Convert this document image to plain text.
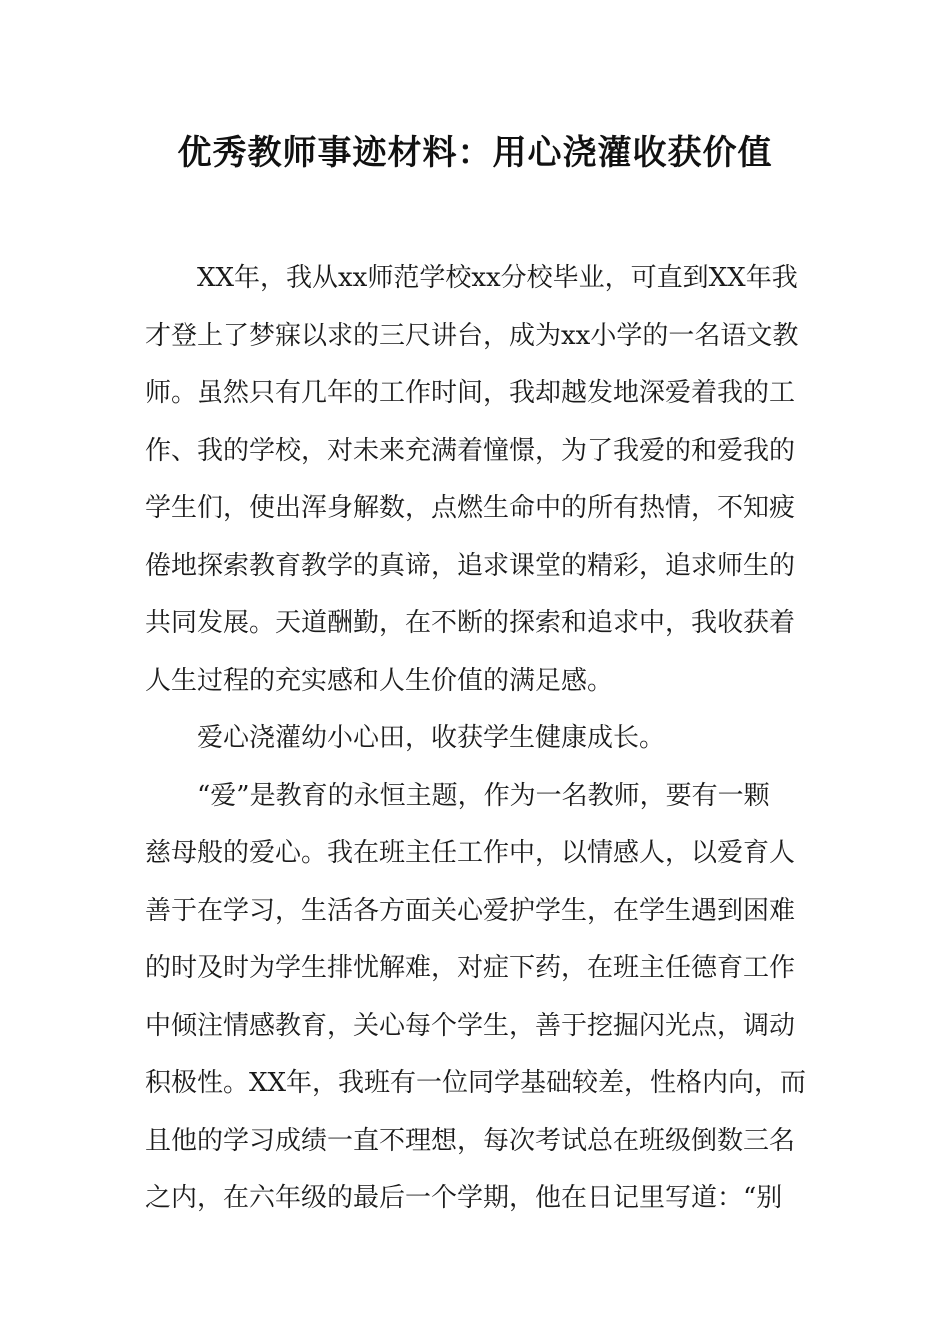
优秀教师事迹材料：用心浇灌收获价值
XX年，我从xx师范学校xx分校毕业，可直到XX年我
才登上了梦寐以求的三尺讲台，成为xx小学的一名语文教
师。虽然只有几年的工作时间，我却越发地深爱着我的工
作、我的学校，对未来充满着憧憬，为了我爱的和爱我的
学生们，使出浑身解数，点燃生命中的所有热情，不知疲
倦地探索教育教学的真谛，追求课堂的精彩，追求师生的
共同发展。天道酬勤，在不断的探索和追求中，我收获着
人生过程的充实感和人生价值的满足感。
爱心浇灌幼小心田，收获学生健康成长。
“爱”是教育的永恒主题，作为一名教师，要有一颗
慈母般的爱心。我在班主任工作中，以情感人，以爱育人
善于在学习，生活各方面关心爱护学生，在学生遇到困难
的时及时为学生排忧解难，对症下药，在班主任德育工作
中倾注情感教育，关心每个学生，善于挖掘闪光点，调动
积极性。XX年，我班有一位同学基础较差，性格内向，而
且他的学习成绩一直不理想，每次考试总在班级倒数三名
之内，在六年级的最后一个学期，他在日记里写道：“别
